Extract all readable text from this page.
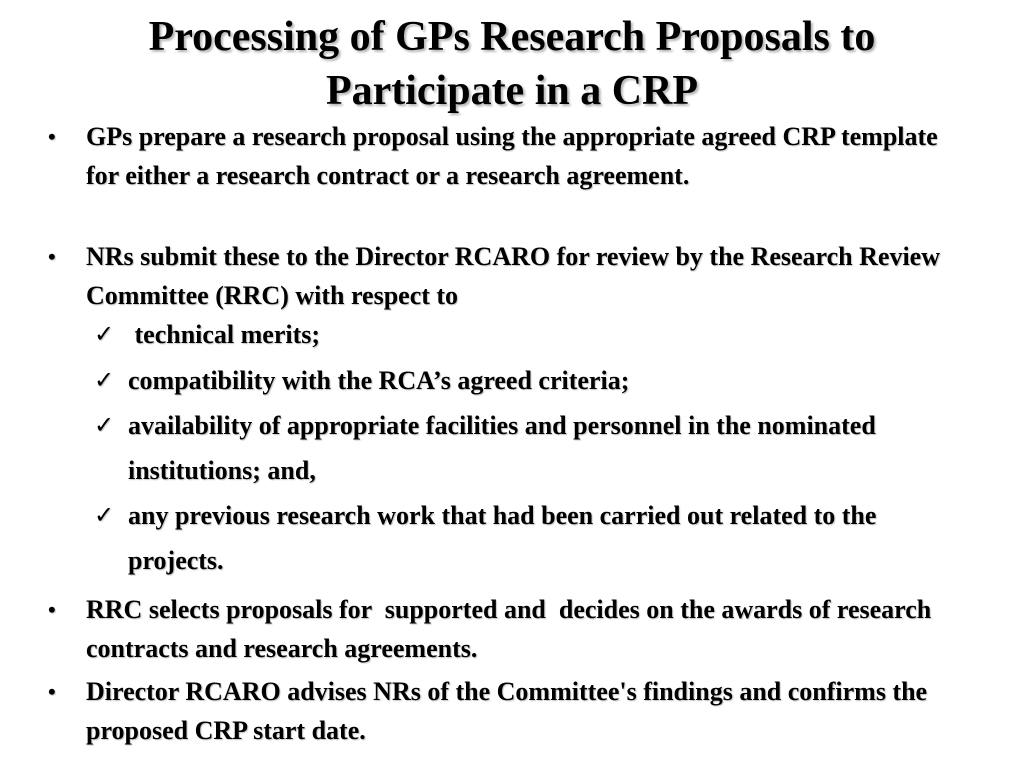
Processing of GPs Research Proposals to
Participate in a CRP
•	GPs prepare a research proposal using the appropriate agreed CRP template for either a research contract or a research agreement.
•	NRs submit these to the Director RCARO for review by the Research Review Committee (RRC) with respect to
✓ technical merits;
✓ compatibility with the RCA’s agreed criteria;
✓ availability of appropriate facilities and personnel in the nominated institutions; and,
✓ any previous research work that had been carried out related to the projects.
•	RRC selects proposals for  supported and  decides on the awards of research contracts and research agreements.
•	Director RCARO advises NRs of the Committee's findings and confirms the proposed CRP start date.
